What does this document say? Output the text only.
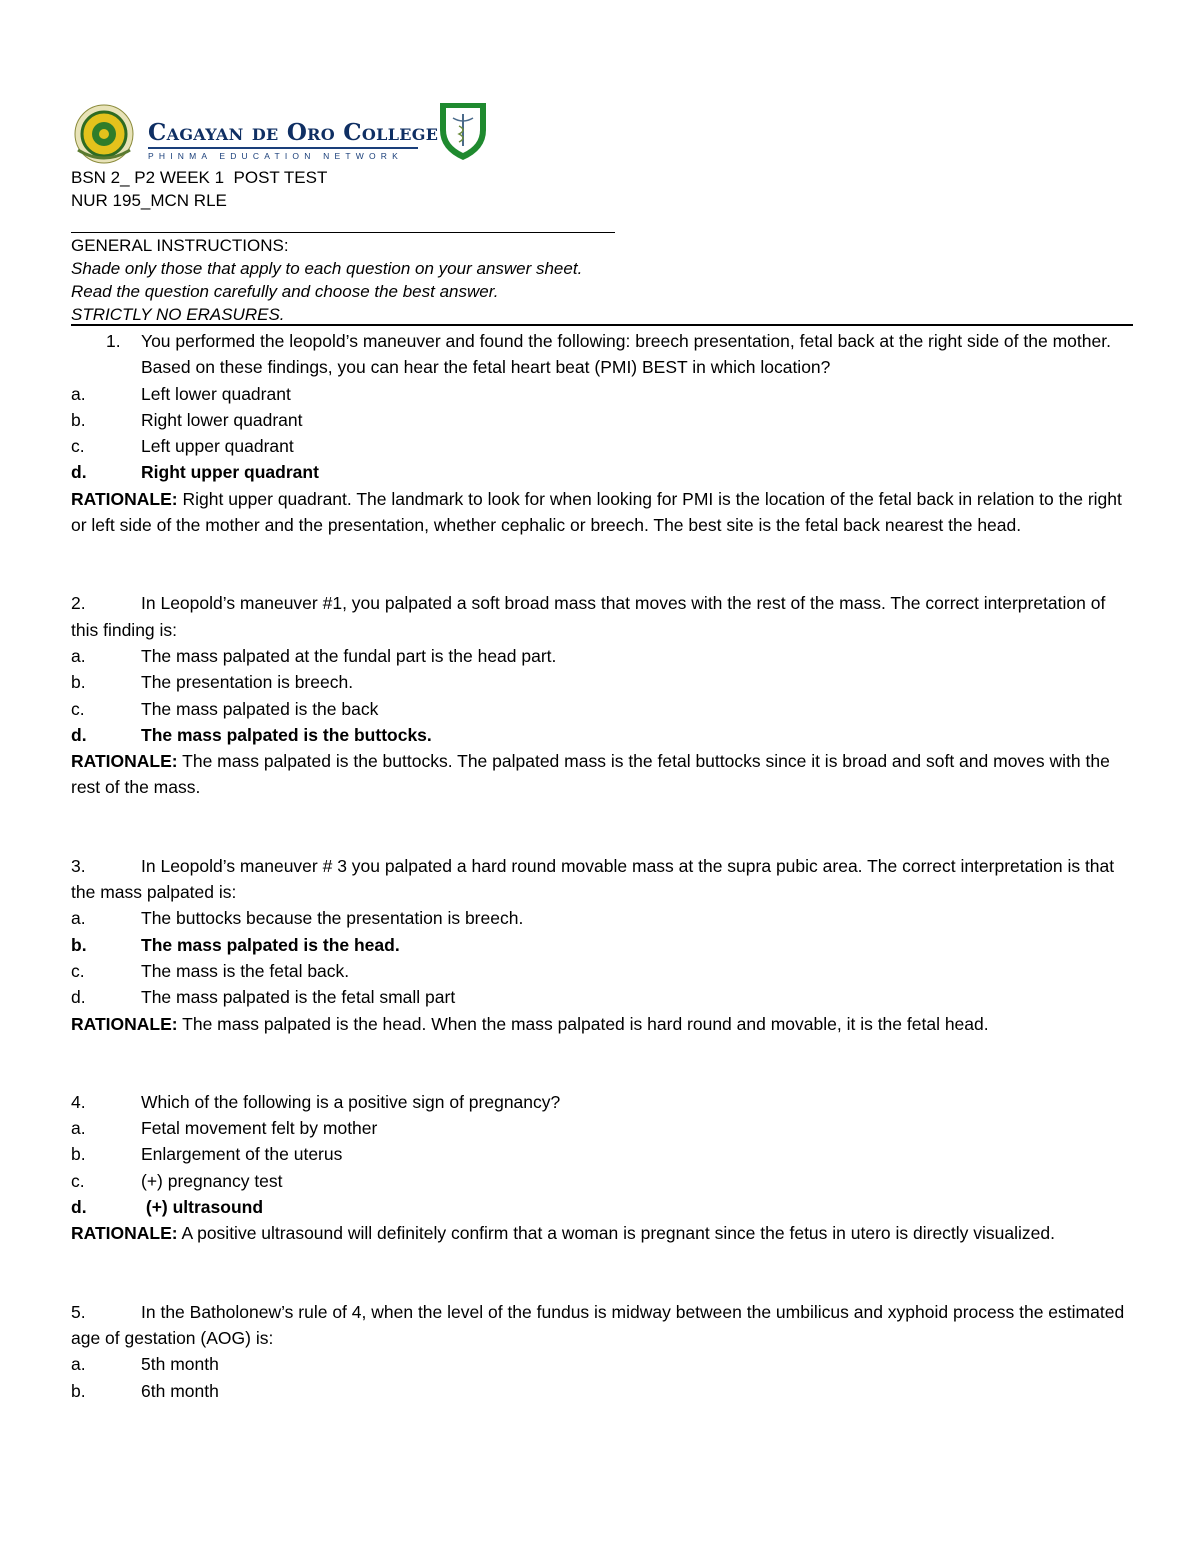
Cagayan de Oro College
PHINMA EDUCATION NETWORK
BSN 2_ P2 WEEK 1  POST TEST
NUR 195_MCN RLE
GENERAL INSTRUCTIONS:
Shade only those that apply to each question on your answer sheet.
Read the question carefully and choose the best answer.
STRICTLY NO ERASURES.
1.	You performed the leopold’s maneuver and found the following: breech presentation, fetal back at the right side of the mother. Based on these findings, you can hear the fetal heart beat (PMI) BEST in which location?
a.	Left lower quadrant
b.	Right lower quadrant
c.	Left upper quadrant
d.	Right upper quadrant

RATIONALE: Right upper quadrant. The landmark to look for when looking for PMI is the location of the fetal back in relation to the right or left side of the mother and the presentation, whether cephalic or breech. The best site is the fetal back nearest the head.

2.	In Leopold’s maneuver #1, you palpated a soft broad mass that moves with the rest of the mass. The correct interpretation of this finding is:
a.	The mass palpated at the fundal part is the head part.
b.	The presentation is breech.
c.	The mass palpated is the back
d.	The mass palpated is the buttocks.

RATIONALE: The mass palpated is the buttocks. The palpated mass is the fetal buttocks since it is broad and soft and moves with the rest of the mass.

3.	In Leopold’s maneuver # 3 you palpated a hard round movable mass at the supra pubic area. The correct interpretation is that the mass palpated is:
a.	The buttocks because the presentation is breech.
b.	The mass palpated is the head.
c.	The mass is the fetal back.
d.	The mass palpated is the fetal small part

RATIONALE: The mass palpated is the head. When the mass palpated is hard round and movable, it is the fetal head.

4.	Which of the following is a positive sign of pregnancy?
a.	Fetal movement felt by mother
b.	Enlargement of the uterus
c.	(+) pregnancy test
d.	(+) ultrasound

RATIONALE: A positive ultrasound will definitely confirm that a woman is pregnant since the fetus in utero is directly visualized.

5.	In the Batholonew’s rule of 4, when the level of the fundus is midway between the umbilicus and xyphoid process the estimated age of gestation (AOG) is:
a.	5th month
b.	6th month
